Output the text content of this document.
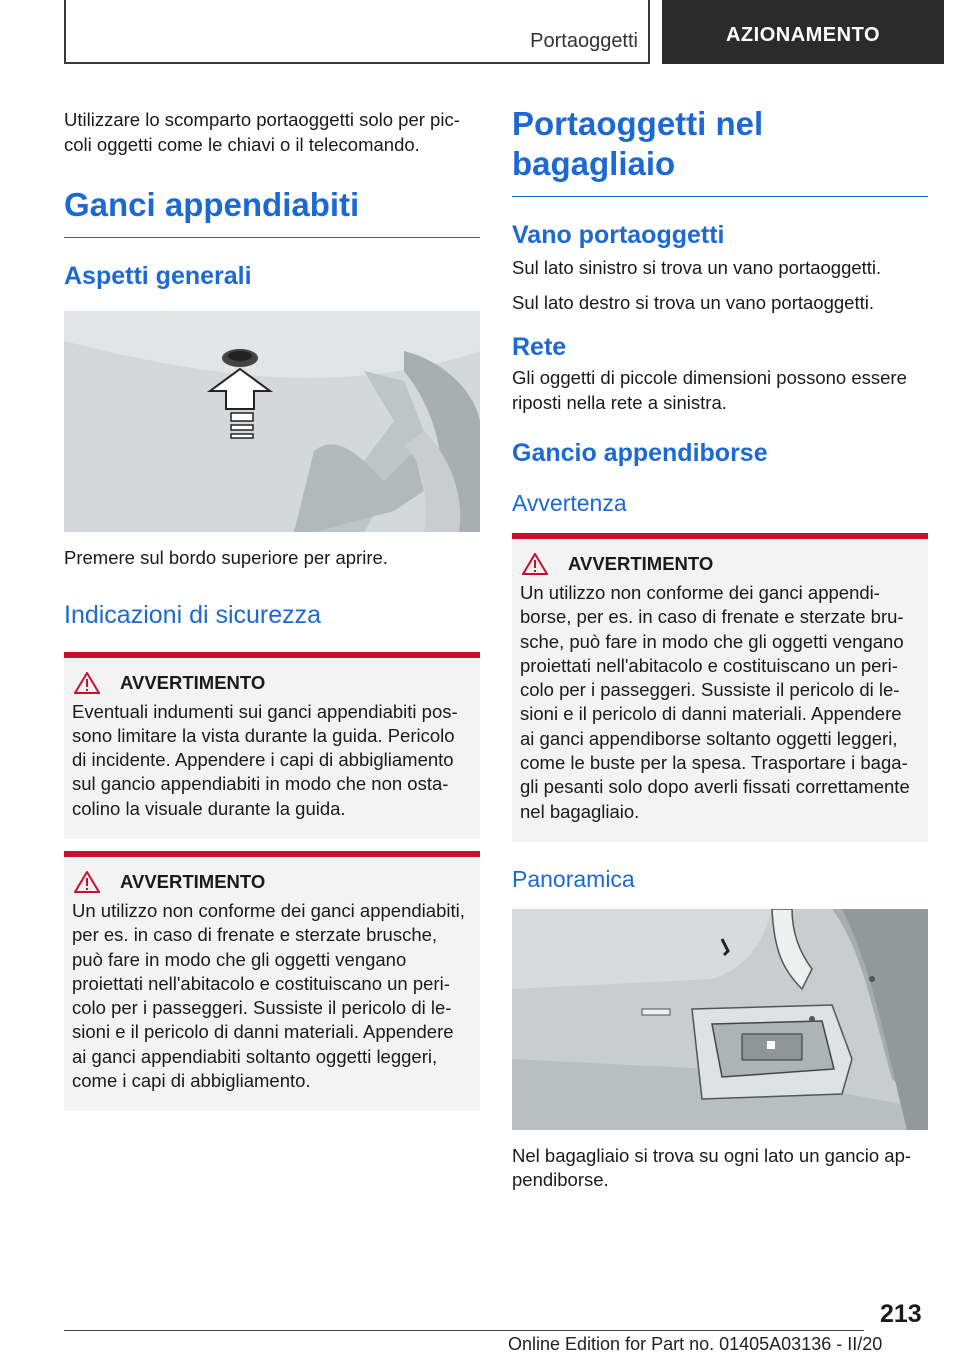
Portaoggetti	AZIONAMENTO

Utilizzare lo scomparto portaoggetti solo per piccoli oggetti come le chiavi o il telecomando.

Ganci appendiabiti
Aspetti generali

Premere sul bordo superiore per aprire.

Indicazioni di sicurezza
AVVERTIMENTO

Eventuali indumenti sui ganci appendiabiti possono limitare la vista durante la guida. Pericolo di incidente. Appendere i capi di abbigliamento sul gancio appendiabiti in modo che non ostacolino la visuale durante la guida.

AVVERTIMENTO

Un utilizzo non conforme dei ganci appendiabiti, per es. in caso di frenate e sterzate brusche, può fare in modo che gli oggetti vengano proiettati nell'abitacolo e costituiscano un pericolo per i passeggeri. Sussiste il pericolo di lesioni e il pericolo di danni materiali. Appendere ai ganci appendiabiti soltanto oggetti leggeri, come i capi di abbigliamento.

Portaoggetti nel bagagliaio
Vano portaoggetti

Sul lato sinistro si trova un vano portaoggetti.

Sul lato destro si trova un vano portaoggetti.

Rete

Gli oggetti di piccole dimensioni possono essere riposti nella rete a sinistra.

Gancio appendiborse
Avvertenza
AVVERTIMENTO

Un utilizzo non conforme dei ganci appendiborse, per es. in caso di frenate e sterzate brusche, può fare in modo che gli oggetti vengano proiettati nell'abitacolo e costituiscano un pericolo per i passeggeri. Sussiste il pericolo di lesioni e il pericolo di danni materiali. Appendere ai ganci appendiborse soltanto oggetti leggeri, come le buste per la spesa. Trasportare i bagagli pesanti solo dopo averli fissati correttamente nel bagagliaio.

Panoramica

Nel bagagliaio si trova su ogni lato un gancio appendiborse.

213
Online Edition for Part no. 01405A03136 - II/20
